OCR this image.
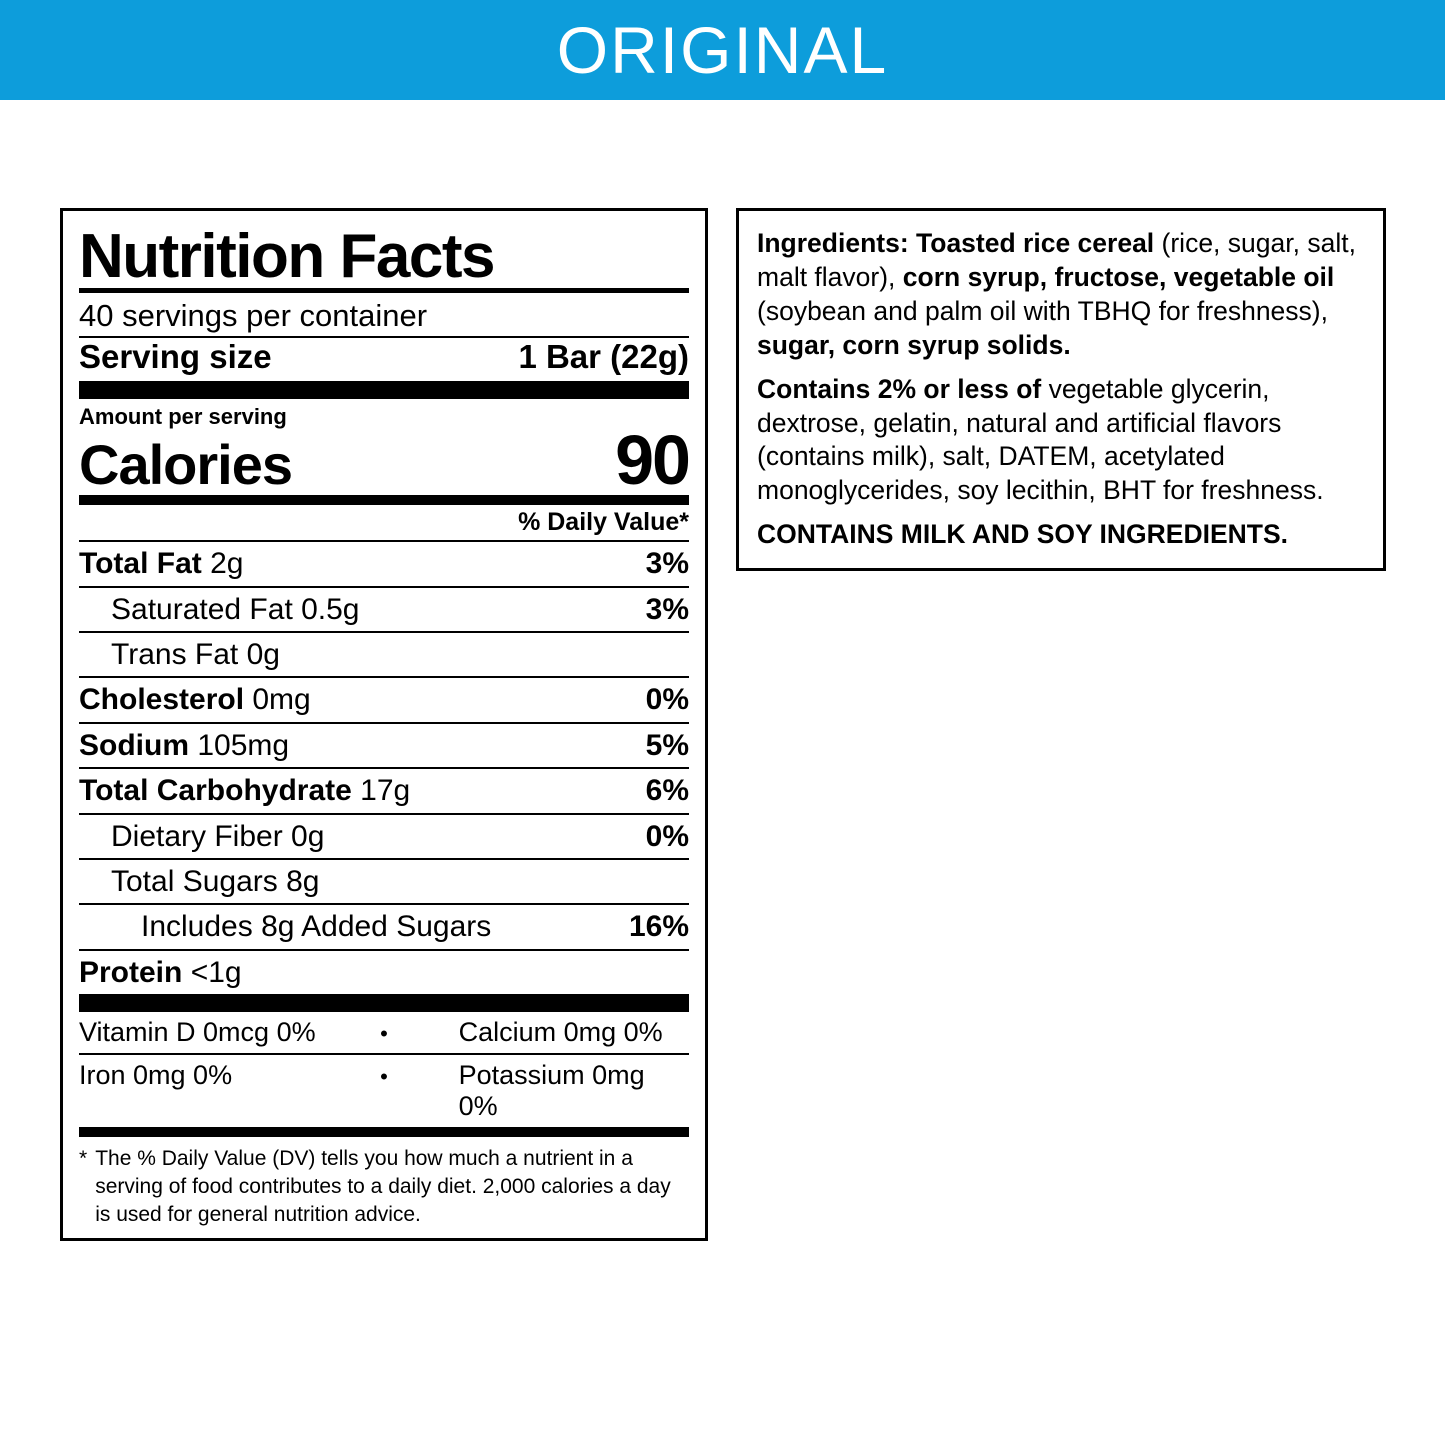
ORIGINAL
Nutrition Facts
40 servings per container
Serving size	1 Bar (22g)
Amount per serving
Calories	90
% Daily Value*
Total Fat 2g	3%
Saturated Fat 0.5g	3%
Trans Fat 0g
Cholesterol 0mg	0%
Sodium 105mg	5%
Total Carbohydrate 17g	6%
Dietary Fiber 0g	0%
Total Sugars 8g
Includes 8g Added Sugars	16%
Protein <1g
Vitamin D 0mcg 0%	•	Calcium 0mg 0%
Iron 0mg 0%	•	Potassium 0mg 0%
* The % Daily Value (DV) tells you how much a nutrient in a serving of food contributes to a daily diet. 2,000 calories a day is used for general nutrition advice.

Ingredients: Toasted rice cereal (rice, sugar, salt, malt flavor), corn syrup, fructose, vegetable oil (soybean and palm oil with TBHQ for freshness), sugar, corn syrup solids.

Contains 2% or less of vegetable glycerin, dextrose, gelatin, natural and artificial flavors (contains milk), salt, DATEM, acetylated monoglycerides, soy lecithin, BHT for freshness.

CONTAINS MILK AND SOY INGREDIENTS.
